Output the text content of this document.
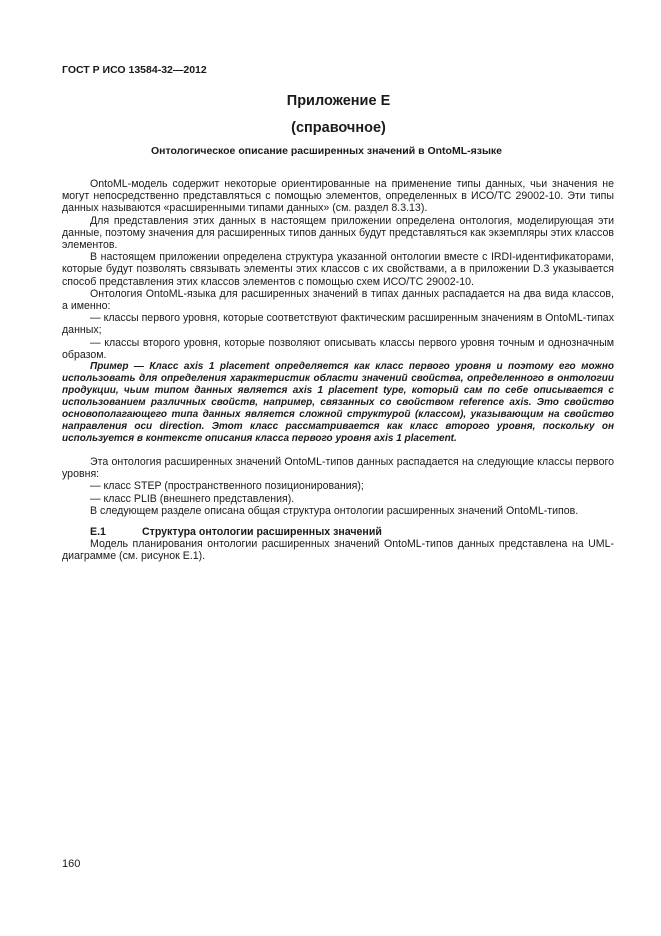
ГОСТ Р ИСО 13584-32—2012
Приложение Е
(справочное)
Онтологическое описание расширенных значений в OntoML-языке

OntoML-модель содержит некоторые ориентированные на применение типы данных, чьи значения не могут непосредственно представляться с помощью элементов, определенных в ИСО/ТС 29002-10. Эти типы данных называются «расширенными типами данных» (см. раздел 8.3.13).

Для представления этих данных в настоящем приложении определена онтология, моделирующая эти данные, поэтому значения для расширенных типов данных будут представляться как экземпляры этих классов элементов.

В настоящем приложении определена структура указанной онтологии вместе с IRDI-идентификаторами, которые будут позволять связывать элементы этих классов с их свойствами, а в приложении D.3 указывается способ представления этих классов элементов с помощью схем ИСО/ТС 29002-10.

Онтология OntoML-языка для расширенных значений в типах данных распадается на два вида классов, а именно:

— классы первого уровня, которые соответствуют фактическим расширенным значениям в OntoML-типах данных;

— классы второго уровня, которые позволяют описывать классы первого уровня точным и однозначным образом.

Пример — Класс axis 1 placement определяется как класс первого уровня и поэтому его можно использовать для определения характеристик области значений свойства, определенного в онтологии продукции, чьим типом данных является axis 1 placement type, который сам по себе описывается с использованием различных свойств, например, связанных со свойством reference axis. Это свойство основополагающего типа данных является сложной структурой (классом), указывающим на свойство направления оси direction. Этот класс рассматривается как класс второго уровня, поскольку он используется в контексте описания класса первого уровня axis 1 placement.

Эта онтология расширенных значений OntoML-типов данных распадается на следующие классы первого уровня:

— класс STEP (пространственного позиционирования);

— класс PLIB (внешнего представления).

В следующем разделе описана общая структура онтологии расширенных значений OntoML-типов.

Е.1	Структура онтологии расширенных значений

Модель планирования онтологии расширенных значений OntoML-типов данных представлена на UML-диаграмме (см. рисунок Е.1).

160
